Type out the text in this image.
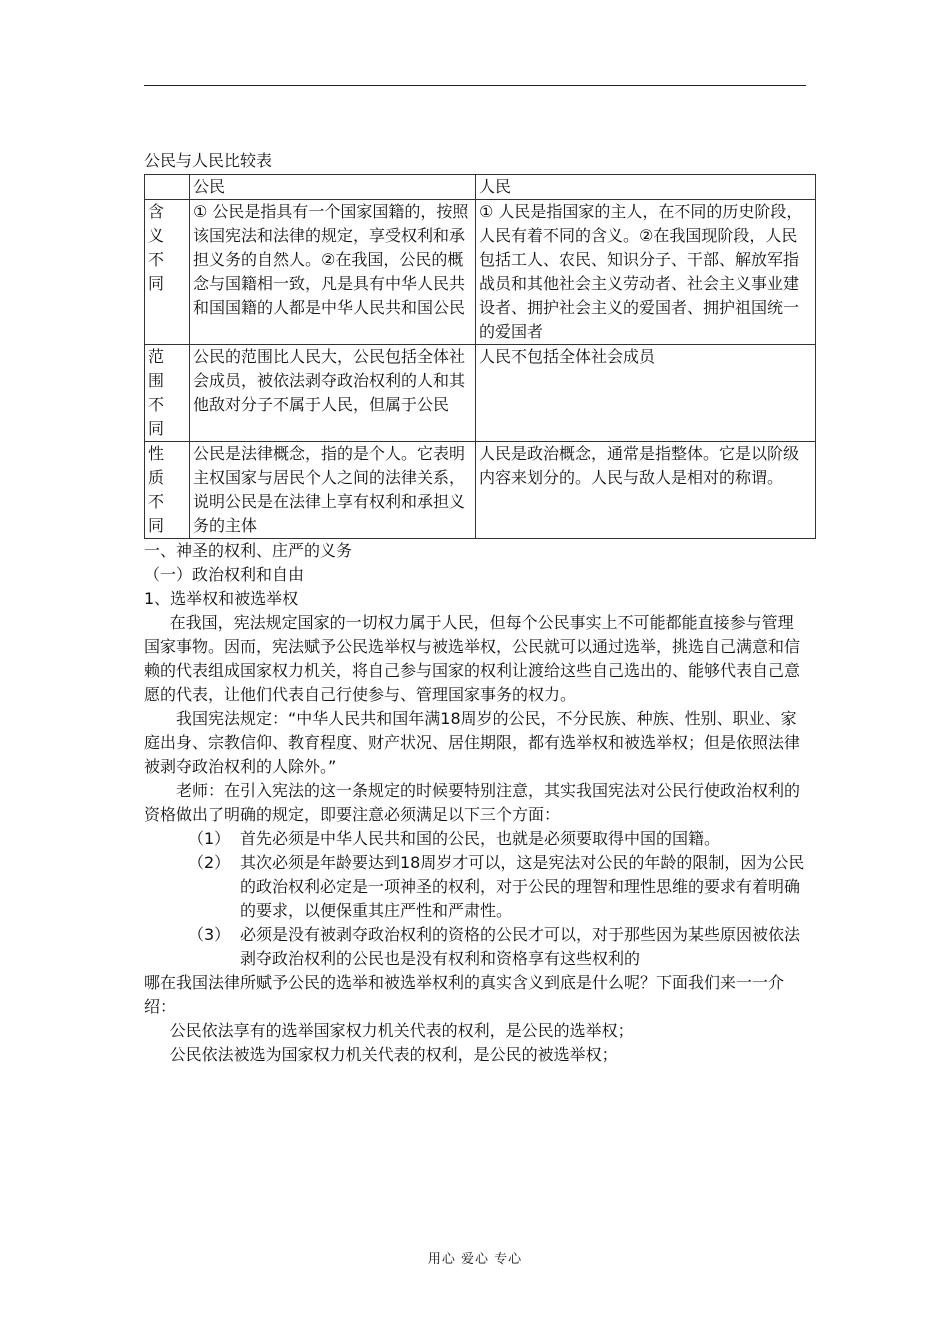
公民与人民比较表
	公民	人民

含义不同	① 公民是指具有一个国家国籍的，按照该国宪法和法律的规定，享受权利和承担义务的自然人。②在我国，公民的概念与国籍相一致，凡是具有中华人民共和国国籍的人都是中华人民共和国公民	① 人民是指国家的主人，在不同的历史阶段，人民有着不同的含义。②在我国现阶段，人民包括工人、农民、知识分子、干部、解放军指战员和其他社会主义劳动者、社会主义事业建设者、拥护社会主义的爱国者、拥护祖国统一的爱国者

范围不同	公民的范围比人民大，公民包括全体社会成员，被依法剥夺政治权利的人和其他敌对分子不属于人民，但属于公民	人民不包括全体社会成员

性质不同	公民是法律概念，指的是个人。它表明主权国家与居民个人之间的法律关系，说明公民是在法律上享有权利和承担义务的主体	人民是政治概念，通常是指整体。它是以阶级内容来划分的。人民与敌人是相对的称谓。

一、神圣的权利、庄严的义务

（一）政治权利和自由

1、选举权和被选举权

在我国，宪法规定国家的一切权力属于人民，但每个公民事实上不可能都能直接参与管理国家事物。因而，宪法赋予公民选举权与被选举权，公民就可以通过选举，挑选自己满意和信赖的代表组成国家权力机关，将自己参与国家的权利让渡给这些自己选出的、能够代表自己意愿的代表，让他们代表自己行使参与、管理国家事务的权力。

我国宪法规定：“中华人民共和国年满18周岁的公民，不分民族、种族、性别、职业、家庭出身、宗教信仰、教育程度、财产状况、居住期限，都有选举权和被选举权；但是依照法律被剥夺政治权利的人除外。”

老师：在引入宪法的这一条规定的时候要特别注意，其实我国宪法对公民行使政治权利的资格做出了明确的规定，即要注意必须满足以下三个方面：

（1） 首先必须是中华人民共和国的公民，也就是必须要取得中国的国籍。
（2） 其次必须是年龄要达到18周岁才可以，这是宪法对公民的年龄的限制，因为公民的政治权利必定是一项神圣的权利，对于公民的理智和理性思维的要求有着明确的要求，以便保重其庄严性和严肃性。
（3） 必须是没有被剥夺政治权利的资格的公民才可以，对于那些因为某些原因被依法剥夺政治权利的公民也是没有权利和资格享有这些权利的

哪在我国法律所赋予公民的选举和被选举权利的真实含义到底是什么呢？下面我们来一一介绍：

公民依法享有的选举国家权力机关代表的权利，是公民的选举权；

公民依法被选为国家权力机关代表的权利，是公民的被选举权；

用心 爱心 专心
